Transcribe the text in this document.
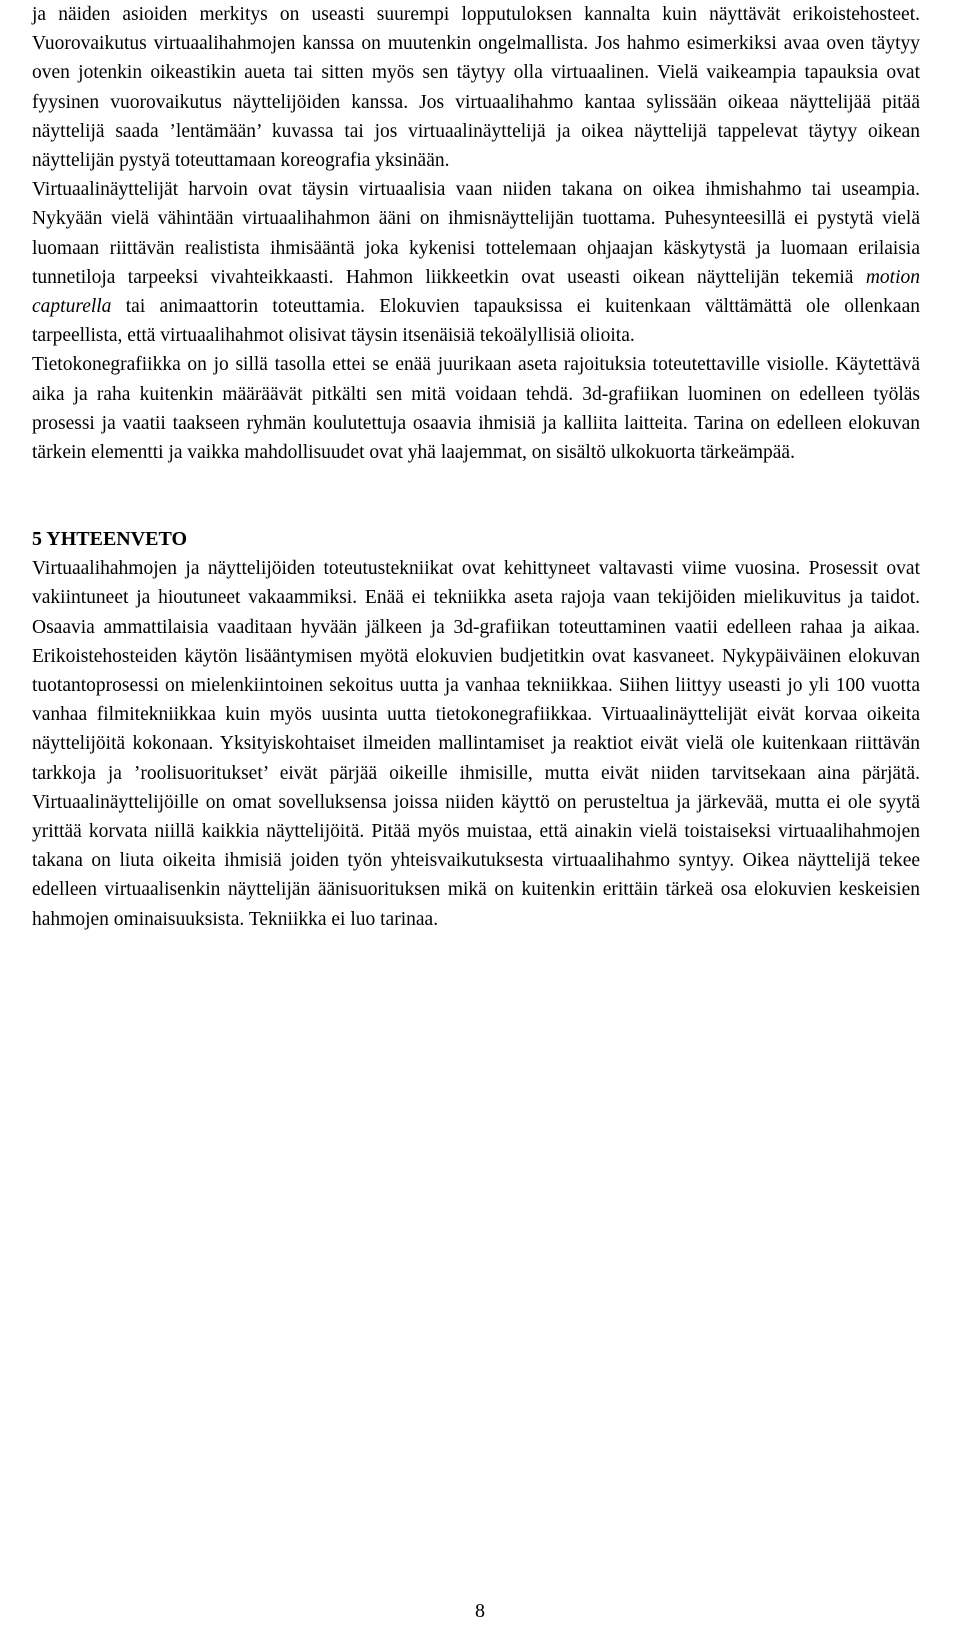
ja näiden asioiden merkitys on useasti suurempi lopputuloksen kannalta kuin näyttävät erikoistehosteet. Vuorovaikutus virtuaalihahmojen kanssa on muutenkin ongelmallista. Jos hahmo esimerkiksi avaa oven täytyy oven jotenkin oikeastikin aueta tai sitten myös sen täytyy olla virtuaalinen. Vielä vaikeampia tapauksia ovat fyysinen vuorovaikutus näyttelijöiden kanssa. Jos virtuaalihahmo kantaa sylissään oikeaa näyttelijää pitää näyttelijä saada ’lentämään’ kuvassa tai jos virtuaalinäyttelijä ja oikea näyttelijä tappelevat täytyy oikean näyttelijän pystyä toteuttamaan koreografia yksinään.

Virtuaalinäyttelijät harvoin ovat täysin virtuaalisia vaan niiden takana on oikea ihmishahmo tai useampia. Nykyään vielä vähintään virtuaalihahmon ääni on ihmisnäyttelijän tuottama. Puhesynteesillä ei pystytä vielä luomaan riittävän realistista ihmisääntä joka kykenisi tottelemaan ohjaajan käskytystä ja luomaan erilaisia tunnetiloja tarpeeksi vivahteikkaasti. Hahmon liikkeetkin ovat useasti oikean näyttelijän tekemiä motion capturella tai animaattorin toteuttamia. Elokuvien tapauksissa ei kuitenkaan välttämättä ole ollenkaan tarpeellista, että virtuaalihahmot olisivat täysin itsenäisiä tekoälyllisiä olioita.

Tietokonegrafiikka on jo sillä tasolla ettei se enää juurikaan aseta rajoituksia toteutettaville visiolle. Käytettävä aika ja raha kuitenkin määräävät pitkälti sen mitä voidaan tehdä. 3d-grafiikan luominen on edelleen työläs prosessi ja vaatii taakseen ryhmän koulutettuja osaavia ihmisiä ja kalliita laitteita. Tarina on edelleen elokuvan tärkein elementti ja vaikka mahdollisuudet ovat yhä laajemmat, on sisältö ulkokuorta tärkeämpää.

5 YHTEENVETO

Virtuaalihahmojen ja näyttelijöiden toteutustekniikat ovat kehittyneet valtavasti viime vuosina. Prosessit ovat vakiintuneet ja hioutuneet vakaammiksi. Enää ei tekniikka aseta rajoja vaan tekijöiden mielikuvitus ja taidot. Osaavia ammattilaisia vaaditaan hyvään jälkeen ja 3d-grafiikan toteuttaminen vaatii edelleen rahaa ja aikaa. Erikoistehosteiden käytön lisääntymisen myötä elokuvien budjetitkin ovat kasvaneet. Nykypäiväinen elokuvan tuotantoprosessi on mielenkiintoinen sekoitus uutta ja vanhaa tekniikkaa. Siihen liittyy useasti jo yli 100 vuotta vanhaa filmitekniikkaa kuin myös uusinta uutta tietokonegrafiikkaa. Virtuaalinäyttelijät eivät korvaa oikeita näyttelijöitä kokonaan. Yksityiskohtaiset ilmeiden mallintamiset ja reaktiot eivät vielä ole kuitenkaan riittävän tarkkoja ja ’roolisuoritukset’ eivät pärjää oikeille ihmisille, mutta eivät niiden tarvitsekaan aina pärjätä. Virtuaalinäyttelijöille on omat sovelluksensa joissa niiden käyttö on perusteltua ja järkevää, mutta ei ole syytä yrittää korvata niillä kaikkia näyttelijöitä. Pitää myös muistaa, että ainakin vielä toistaiseksi virtuaalihahmojen takana on liuta oikeita ihmisiä joiden työn yhteisvaikutuksesta virtuaalihahmo syntyy. Oikea näyttelijä tekee edelleen virtuaalisenkin näyttelijän äänisuorituksen mikä on kuitenkin erittäin tärkeä osa elokuvien keskeisien hahmojen ominaisuuksista. Tekniikka ei luo tarinaa.

8
